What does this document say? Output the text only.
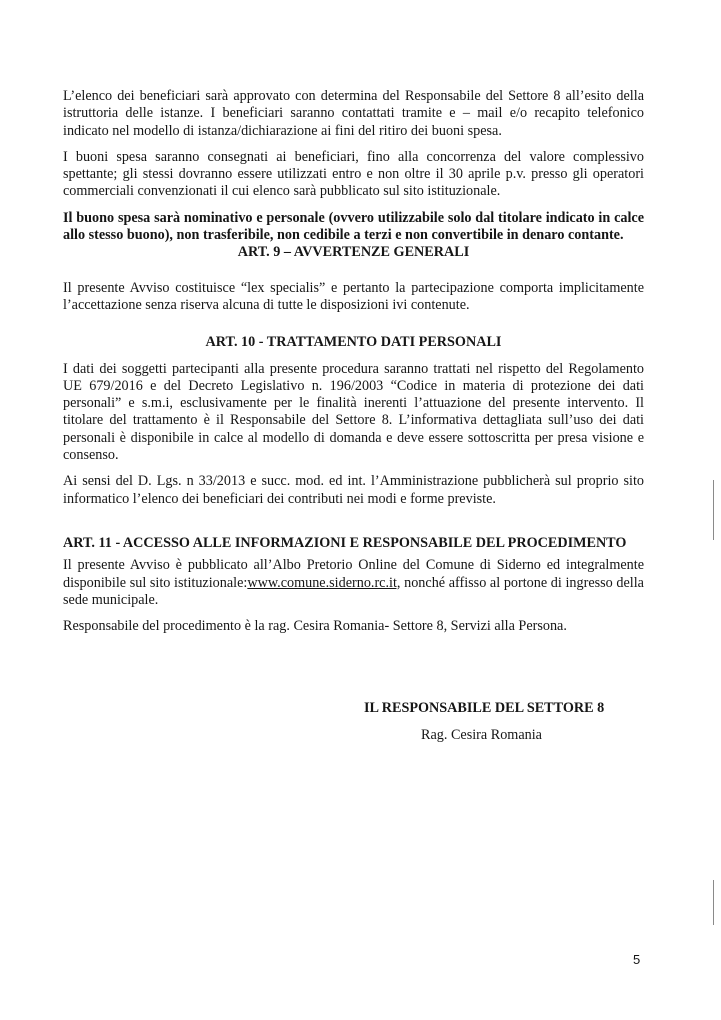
L’elenco dei beneficiari sarà approvato con determina del Responsabile del Settore 8 all’esito della istruttoria delle istanze. I beneficiari saranno contattati tramite e – mail e/o recapito telefonico indicato nel modello di istanza/dichiarazione ai fini del ritiro dei buoni spesa.

I buoni spesa saranno consegnati ai beneficiari, fino alla concorrenza del valore complessivo spettante; gli stessi dovranno essere utilizzati entro e non oltre il 30 aprile p.v. presso gli operatori commerciali convenzionati il cui elenco sarà pubblicato sul sito istituzionale.

Il buono spesa sarà nominativo e personale (ovvero utilizzabile solo dal titolare indicato in calce allo stesso buono), non trasferibile, non cedibile a terzi e non convertibile in denaro contante.

ART. 9 – AVVERTENZE GENERALI

Il presente Avviso costituisce “lex specialis” e pertanto la partecipazione comporta implicitamente l’accettazione senza riserva alcuna di tutte le disposizioni ivi contenute.

ART. 10 - TRATTAMENTO DATI PERSONALI

I dati dei soggetti partecipanti alla presente procedura saranno trattati nel rispetto del Regolamento UE 679/2016 e del Decreto Legislativo n. 196/2003 “Codice in materia di protezione dei dati personali” e s.m.i, esclusivamente per le finalità inerenti l’attuazione del presente intervento. Il titolare del trattamento è il Responsabile del Settore 8. L’informativa dettagliata sull’uso dei dati personali è disponibile in calce al modello di domanda e deve essere sottoscritta per presa visione e consenso.

Ai sensi del D. Lgs. n 33/2013 e succ. mod. ed int. l’Amministrazione pubblicherà sul proprio sito informatico l’elenco dei beneficiari dei contributi nei modi e forme previste.

ART. 11 - ACCESSO ALLE INFORMAZIONI E RESPONSABILE DEL PROCEDIMENTO

Il presente Avviso è pubblicato all’Albo Pretorio Online del Comune di Siderno ed integralmente disponibile sul sito istituzionale:www.comune.siderno.rc.it, nonché affisso al portone di ingresso della sede municipale.

Responsabile del procedimento è la rag. Cesira Romania- Settore 8, Servizi alla Persona.

IL RESPONSABILE DEL SETTORE 8
Rag. Cesira Romania
5
